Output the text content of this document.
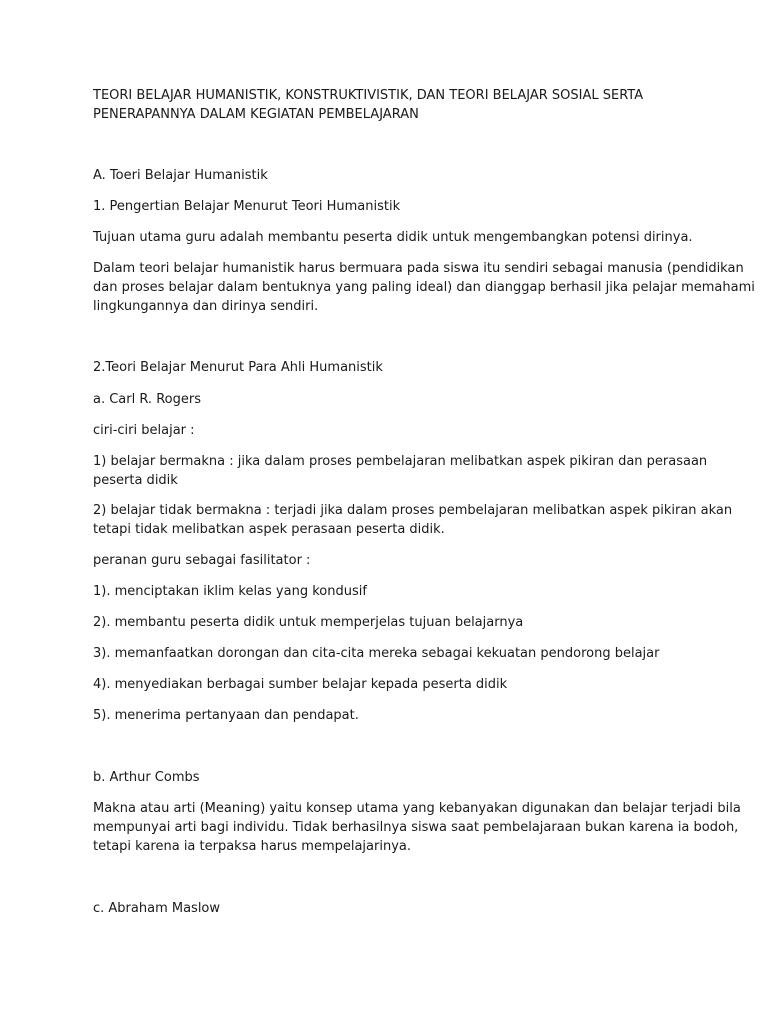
TEORI BELAJAR HUMANISTIK, KONSTRUKTIVISTIK, DAN TEORI BELAJAR SOSIAL SERTA
PENERAPANNYA DALAM KEGIATAN PEMBELAJARAN
A. Toeri Belajar Humanistik
1. Pengertian Belajar Menurut Teori Humanistik
Tujuan utama guru adalah membantu peserta didik untuk mengembangkan potensi dirinya.
Dalam teori belajar humanistik harus bermuara pada siswa itu sendiri sebagai manusia (pendidikan
dan proses belajar dalam bentuknya yang paling ideal) dan dianggap berhasil jika pelajar memahami
lingkungannya dan dirinya sendiri.
2.Teori Belajar Menurut Para Ahli Humanistik
a. Carl R. Rogers
ciri-ciri belajar :
1) belajar bermakna : jika dalam proses pembelajaran melibatkan aspek pikiran dan perasaan
peserta didik
2) belajar tidak bermakna : terjadi jika dalam proses pembelajaran melibatkan aspek pikiran akan
tetapi tidak melibatkan aspek perasaan peserta didik.
peranan guru sebagai fasilitator :
1). menciptakan iklim kelas yang kondusif
2). membantu peserta didik untuk memperjelas tujuan belajarnya
3). memanfaatkan dorongan dan cita-cita mereka sebagai kekuatan pendorong belajar
4). menyediakan berbagai sumber belajar kepada peserta didik
5). menerima pertanyaan dan pendapat.
b. Arthur Combs
Makna atau arti (Meaning) yaitu konsep utama yang kebanyakan digunakan dan belajar terjadi bila
mempunyai arti bagi individu. Tidak berhasilnya siswa saat pembelajaraan bukan karena ia bodoh,
tetapi karena ia terpaksa harus mempelajarinya.
c. Abraham Maslow
